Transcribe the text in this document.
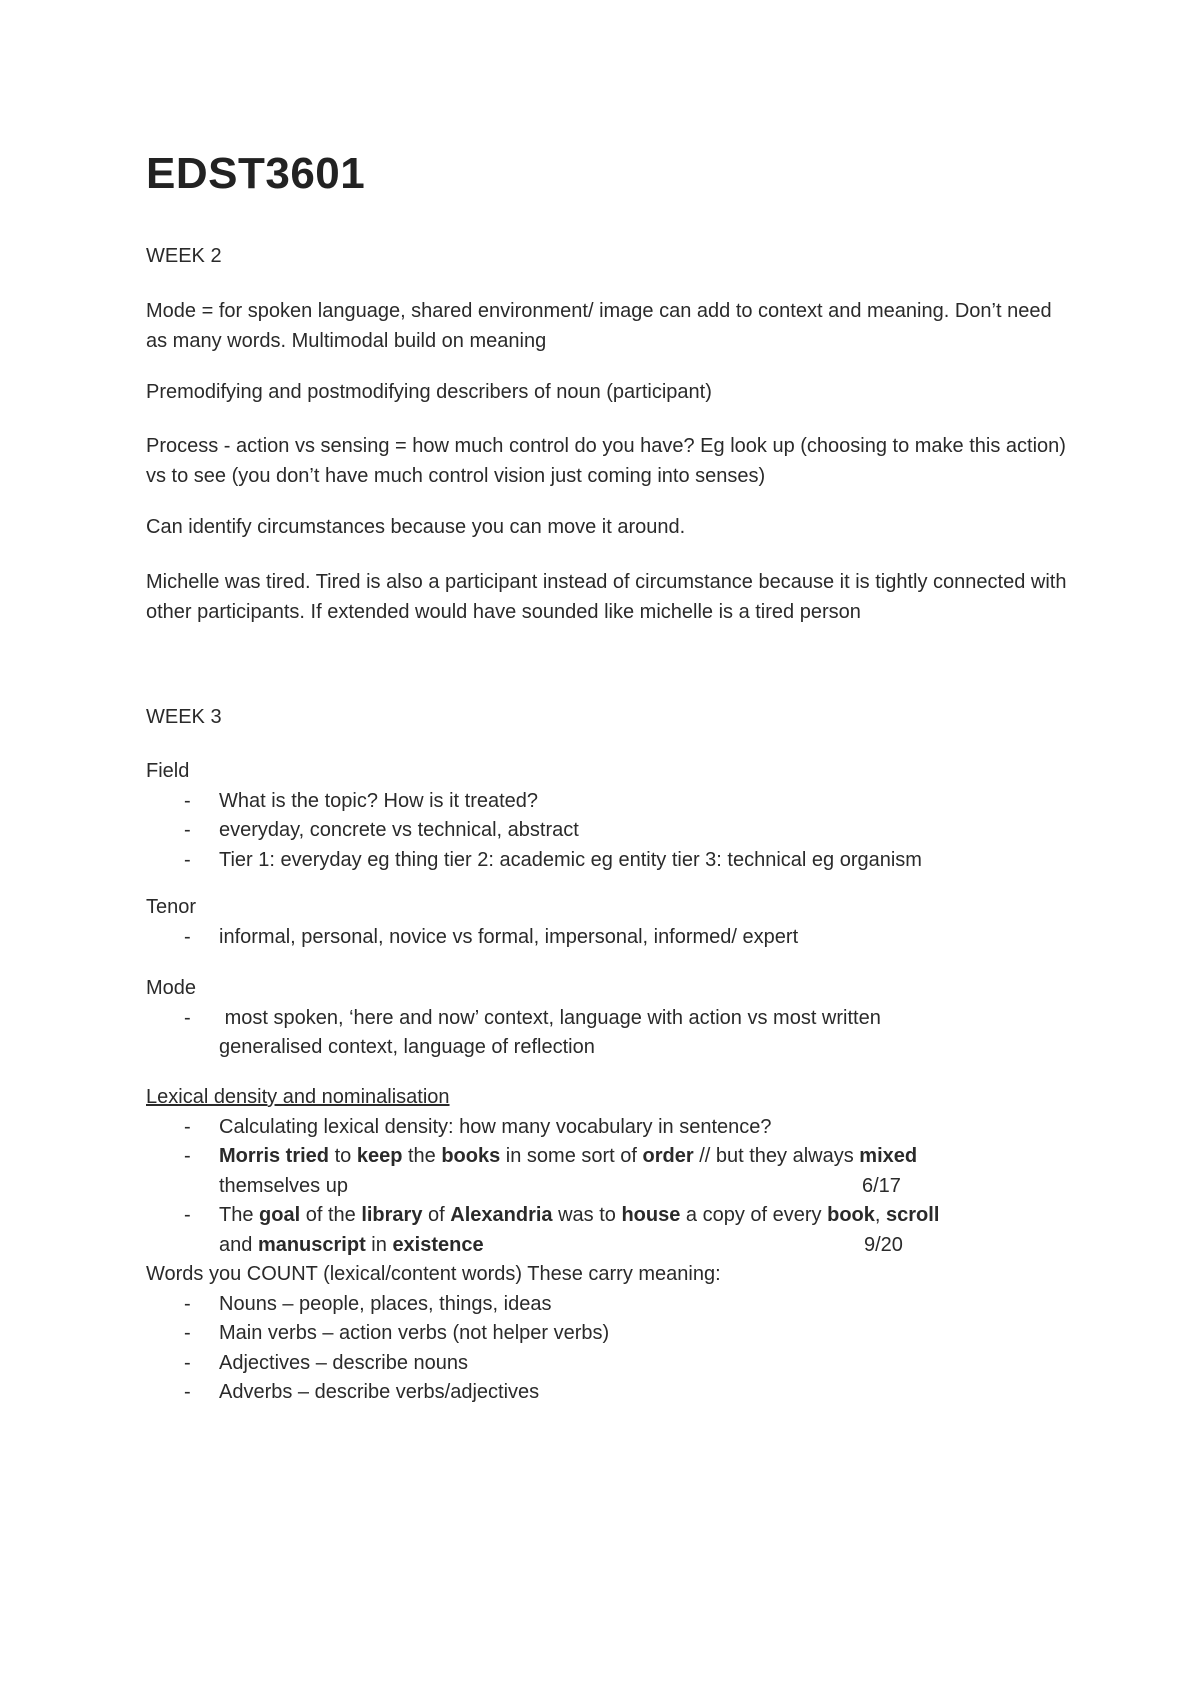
EDST3601

WEEK 2

Mode = for spoken language, shared environment/ image can add to context and meaning. Don’t need as many words. Multimodal build on meaning

Premodifying and postmodifying describers of noun (participant)

Process - action vs sensing = how much control do you have? Eg look up (choosing to make this action) vs to see (you don’t have much control vision just coming into senses)

Can identify circumstances because you can move it around.

Michelle was tired. Tired is also a participant instead of circumstance because it is tightly connected with other participants. If extended would have sounded like michelle is a tired person

WEEK 3

Field

- What is the topic? How is it treated?
- everyday, concrete vs technical, abstract
- Tier 1: everyday eg thing tier 2: academic eg entity tier 3: technical eg organism

Tenor

- informal, personal, novice vs formal, impersonal, informed/ expert

Mode

- most spoken, ‘here and now’ context, language with action vs most written generalised context, language of reflection

Lexical density and nominalisation

- Calculating lexical density: how many vocabulary in sentence?
- Morris tried to keep the books in some sort of order // but they always mixed
themselves up	6/17
- The goal of the library of Alexandria was to house a copy of every book, scroll
and manuscript in existence	9/20

Words you COUNT (lexical/content words) These carry meaning:

- Nouns – people, places, things, ideas
- Main verbs – action verbs (not helper verbs)
- Adjectives – describe nouns
- Adverbs – describe verbs/adjectives
